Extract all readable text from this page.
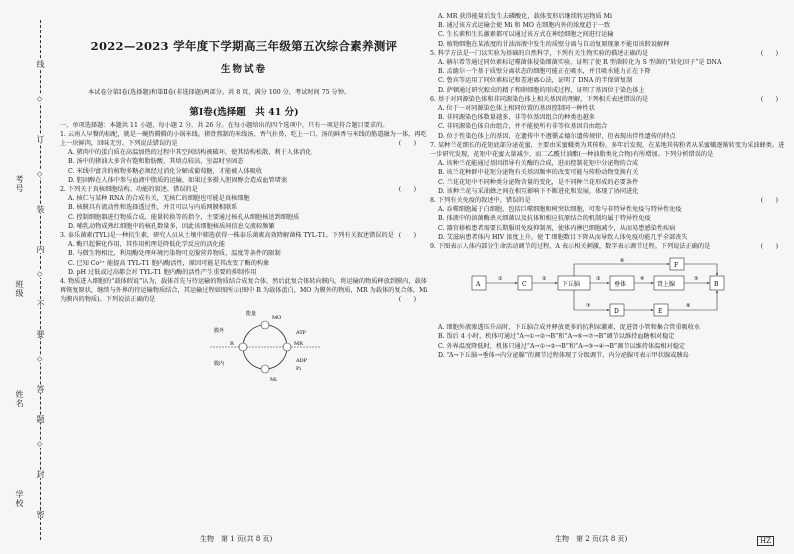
学校
姓名
班级
考号
线
◇
订
◇
装
内
◇
不
要
◇
答
题
◇
封
密

2022—2023 学年度下学期高三年级第五次综合素养测评

生物试卷

本试卷分第Ⅰ卷(选择题)和第Ⅱ卷(非选择题)两部分。共 8 页，满分 100 分，考试时间 75 分钟。

第Ⅰ卷(选择题　共 41 分)

一、单项选择题：本题共 11 小题，每小题 2 分，共 26 分。在每小题给出的四个选项中，只有一项是符合题目要求的。

1. 云南人早餐的标配，就是一碗热腾腾的小锅米线。猪骨熬制的米线汤，香气扑鼻，吃上一口，汤的鲜香与米线的筋道融为一体，再吃上一块鲜肉，回味无穷。下列说法错误的是	(　　)

A. 猪肉中的蛋白质在高温加热的过程中其空间结构被破坏，使其结构松散，利于人体消化

B. 汤中的猪油大多含有饱和脂肪酸，其熔点较高，室温时呈固态

C. 米线中富含的植物多糖必须经过消化分解成葡萄糖，才能被人体吸收

D. 胆固醇在人体中参与血液中脂质的运输，如果过多摄入胆固醇会造成血管堵塞

2. 下列关于真核细胞结构、功能的叙述，错误的是	(　　)

A. 核仁与某种 RNA 的合成有关，无核仁的细胞也可能是真核细胞

B. 核膜具有流动性和选择透过性，并且可以与内质网膜相联系

C. 控制细胞器进行物质合成、能量转换等的指令，主要通过核孔从细胞核送到细胞质

D. 哺乳动物成熟红细胞中的核孔数量多，因此该细胞核质间信息交流较频繁

3. 泰乐菌素(TYL)是一种抗生素，研究人员从土壤中筛选获得一株泰乐菌素高效降解菌株 TYL-T1。下列有关叙述错误的是 (　　)

A. 酶只起催化作用，其作用机理是降低化学反应的活化能

B. 与微生物相比，利用酶处理环境污染物可克服营养物质、温度等条件的限制

C. 已知 Co²⁺ 能提高 TYL-T1 胞内酶活性，原因可能是其改变了酶的构象

D. pH 过低或过高都会对 TYL-T1 胞内酶的活性产生重要的抑制作用

4. 物质进入细胞的“载体假说”认为，载体首先与待运输的物质结合成复合体，然后此复合体转向膜内，将运输的物质释放到膜内，载体再恢复原状，继续与外界的待运输物质结合，其运输过程如图所示(图中 R 为载体蛋白，MO 为膜外的物质，MR 为载体的复合体，Mi 为膜内的物质)。下列说法正确的是	(　　)

MO
MR
Mi
R
膜外
膜内	ADP
Pi
ATP
能量

A. MR 获得能量后发生去磷酸化，载体变形后继续转运物质 Mi

B. 通过该方式运输会使 Mi 和 MO 在细胞内外的浓度趋于一致

C. 生长素和生长激素都可以通过该方式在神经细胞之间进行运输

D. 植物细胞在某浓度的甘油溶液中发生的质壁分离与自动复原现象不能用该假说解释

5. 科学方法是一门以实验为基础的自然科学，下列有关生物实验的描述正确的是	(　　)

A. 赫尔希等通过同位素标记噬菌体侵染细菌实验，证明了使 R 型菌转化为 S 型菌的“转化因子”是 DNA

B. 孟德尔一个基于质壁分离状态的细胞可能正在吸水，并且吸水能力正在下降

C. 鲁宾等运用了同位素标记和差速离心法，证明了 DNA 的半保留复制

D. 萨顿通过研究蝗虫的精子和卵细胞的形成过程，证明了基因位于染色体上

6. 基于对同源染色体和非同源染色体上相关基因的理解，下列相关表述错误的是	(　　)

A. 位于一对同源染色体上相同位置的基因控制同一种性状

B. 非同源染色体数量越多，非等位基因组合的种类也越多

C. 非同源染色体自由组合，并不能使所有非等位基因自由组合

D. 位于性染色体上的基因，在遗传中不遵循孟德尔遗传规律，但表现出伴性遗传的特点

7. 某种兰花细长的花矩底部分泌花蜜，主要由采蜜蛾类为其传粉。多年后发现，在某地其传粉者从采蜜蛾逐渐转变为采油蜂类。进一步研究发现，花矩中花蜜大量减少，而二乙酰甘油酯(一种油脂类化合物)有所增加。下列分析错误的是

A. 该种兰花能通过基因指导有关酶的合成，进而控制花矩中分泌物的合成

B. 该兰花种群中花矩分泌物有关基因频率的改变可能与传粉动物变换有关

C. 兰花花矩中不同种类分泌物含量的变化，是不同种兰花形成的必要条件

D. 该种兰花与采油蜂之间在相互影响下不断进化和发展，体现了协同进化

8. 下列有关免疫的叙述中，错误的是	(　　)

A. 吞噬细胞属于白细胞，包括巨噬细胞和树突状细胞，可参与非特异性免疫与特异性免疫

B. 体液中的溶菌酶杀灭细菌以及抗体和相应抗原结合的机制均属于特异性免疫

C. 器官移植患者需要长期服用免疫抑制剂，使体内淋巴细胞减少，从而易患感染性疾病

D. 艾滋病患者体内 HIV 浓度上升，使 T 细胞数目下降从而导致人体免疫功能几乎全部丧失

9. 下图表示人体内部分生命活动调节的过程，A 表示相关刺激，数字表示调节过程。下列说法正确的是	(　　)

A	C	下丘脑	垂体	肾上腺	B
D	E
F
①	②	③	④	⑤
⑥
⑦	⑧

A. 细胞外液渗透压升高时，下丘脑合成并释放更多的抗利尿激素，促进肾小管和集合管重吸收水

B. 饭后 4 小时，机体可通过“A→①→②→B”和“A→⑥→⑦→B”调节以维持血糖相对稳定

C. 外界温度降低时，机体只通过“A→①→②→B”和“A→③→④→B”调节以维持体温相对稳定

D. “A→下丘脑→垂体→内分泌腺”的调节过程体现了分级调节，内分泌腺可表示甲状腺或胰岛

生物　第 1 页(共 8 页)	生物　第 2 页(共 8 页)	HZ
